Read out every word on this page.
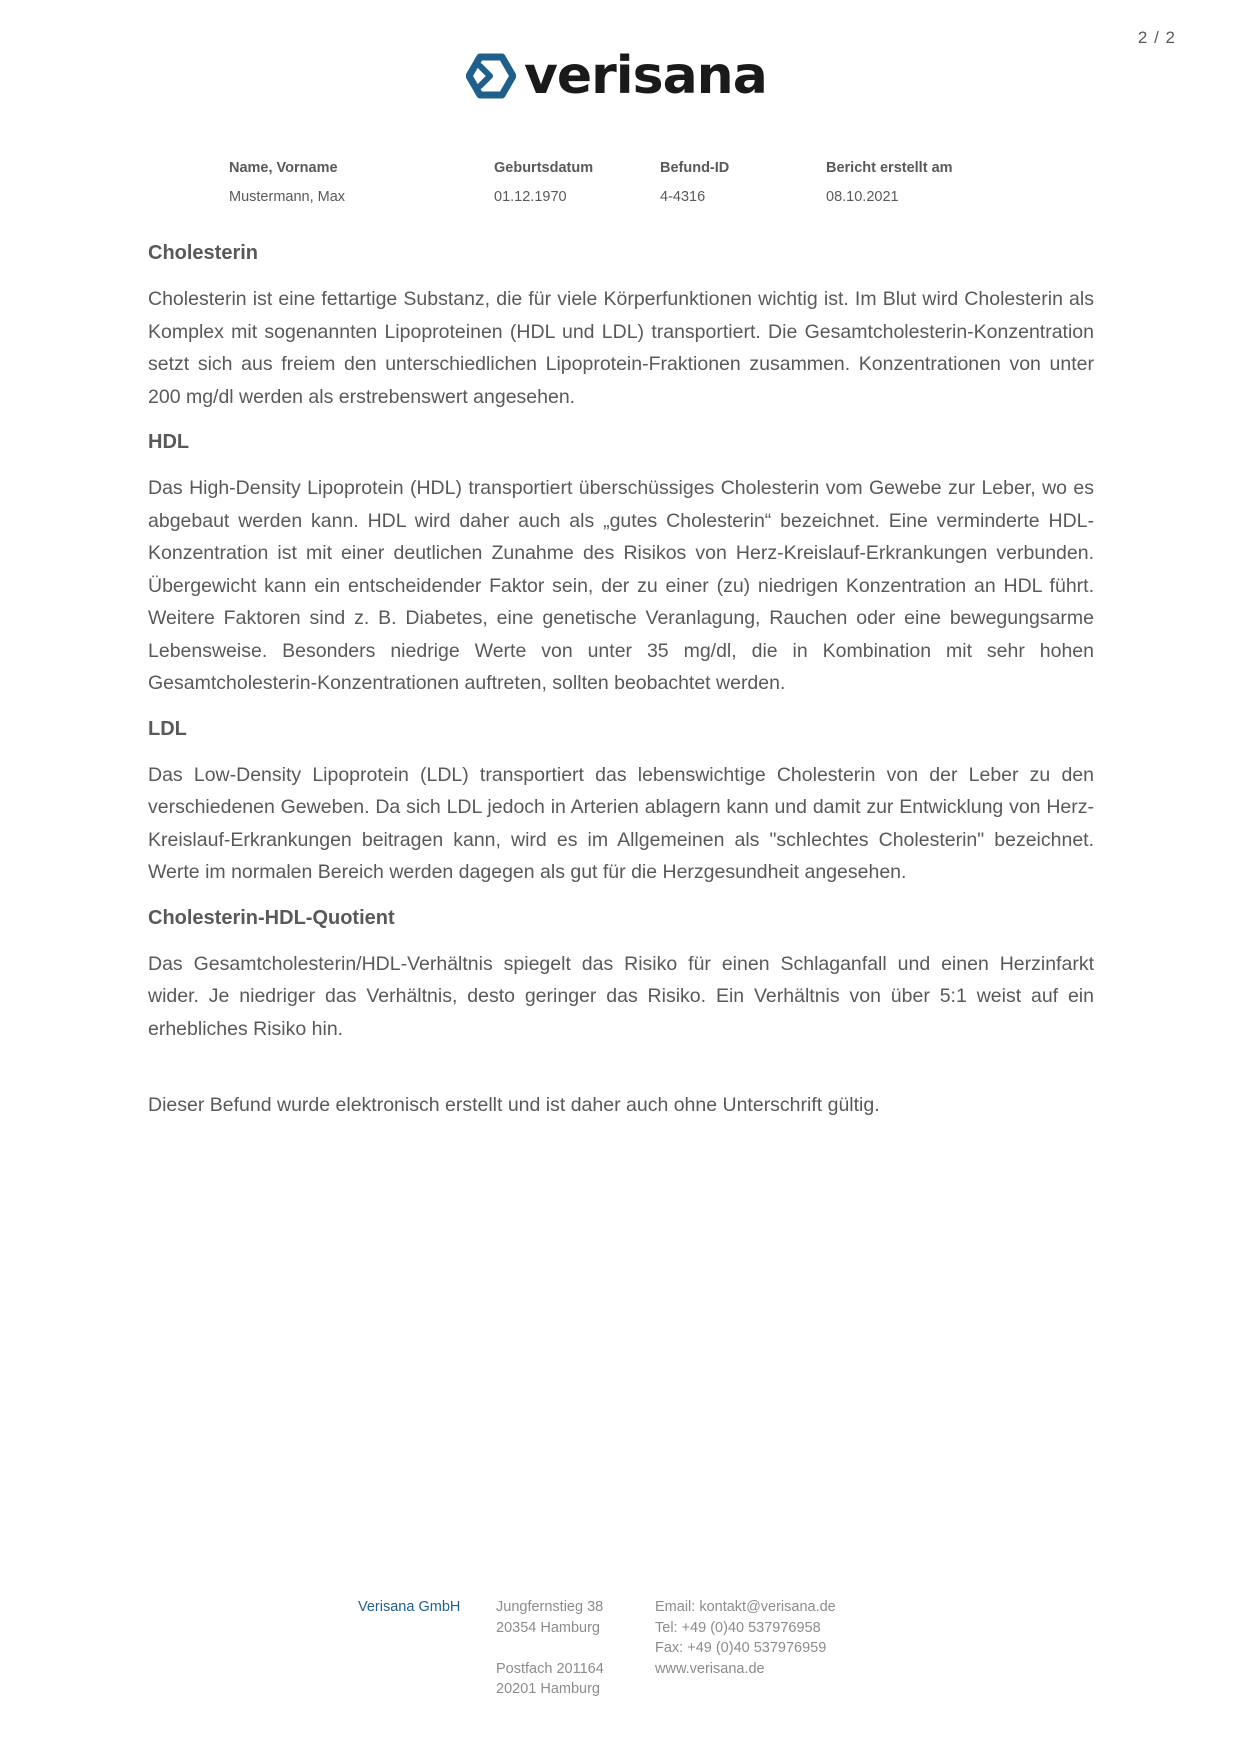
2 / 2
verisana
Name, Vorname
Mustermann, Max
Geburtsdatum
01.12.1970
Befund-ID
4-4316
Bericht erstellt am
08.10.2021
Cholesterin

Cholesterin ist eine fettartige Substanz, die für viele Körperfunktionen wichtig ist. Im Blut wird Cholesterin als Komplex mit sogenannten Lipoproteinen (HDL und LDL) transportiert. Die Gesamtcholesterin-Konzentration setzt sich aus freiem den unterschiedlichen Lipoprotein-Fraktionen zusammen. Konzentrationen von unter 200 mg/dl werden als erstrebenswert angesehen.

HDL

Das High-Density Lipoprotein (HDL) transportiert überschüssiges Cholesterin vom Gewebe zur Leber, wo es abgebaut werden kann. HDL wird daher auch als „gutes Cholesterin“ bezeichnet. Eine verminderte HDL-Konzentration ist mit einer deutlichen Zunahme des Risikos von Herz-Kreislauf-Erkrankungen verbunden. Übergewicht kann ein entscheidender Faktor sein, der zu einer (zu) niedrigen Konzentration an HDL führt. Weitere Faktoren sind z. B. Diabetes, eine genetische Veranlagung, Rauchen oder eine bewegungsarme Lebensweise. Besonders niedrige Werte von unter 35 mg/dl, die in Kombination mit sehr hohen Gesamtcholesterin-Konzentrationen auftreten, sollten beobachtet werden.

LDL

Das Low-Density Lipoprotein (LDL) transportiert das lebenswichtige Cholesterin von der Leber zu den verschiedenen Geweben. Da sich LDL jedoch in Arterien ablagern kann und damit zur Entwicklung von Herz-Kreislauf-Erkrankungen beitragen kann, wird es im Allgemeinen als "schlechtes Cholesterin" bezeichnet. Werte im normalen Bereich werden dagegen als gut für die Herzgesundheit angesehen.

Cholesterin-HDL-Quotient

Das Gesamtcholesterin/HDL-Verhältnis spiegelt das Risiko für einen Schlaganfall und einen Herzinfarkt wider. Je niedriger das Verhältnis, desto geringer das Risiko. Ein Verhältnis von über 5:1 weist auf ein erhebliches Risiko hin.

Dieser Befund wurde elektronisch erstellt und ist daher auch ohne Unterschrift gültig.

Verisana GmbH Jungfernstieg 38
20354 Hamburg
Postfach 201164
20201 Hamburg
Email: kontakt@verisana.de
Tel: +49 (0)40 537976958
Fax: +49 (0)40 537976959
www.verisana.de
